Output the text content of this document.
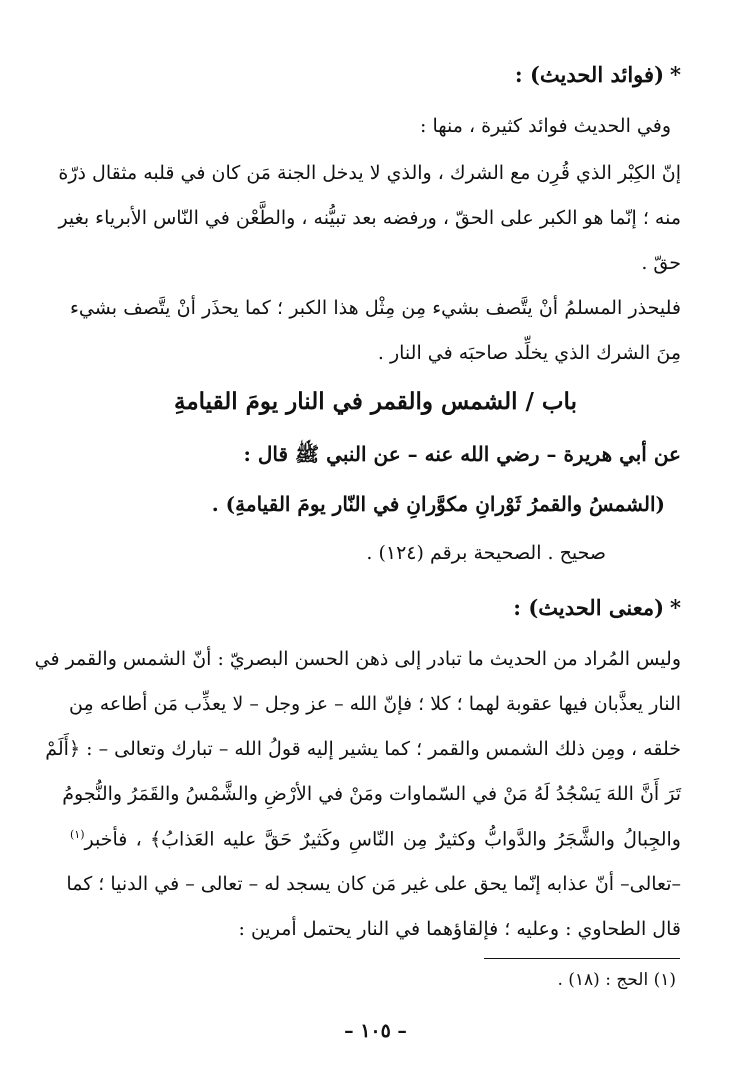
*(فوائد الحديث) :
وفي الحديث فوائد كثيرة ، منها :
إنّ الكِبْر الذي قُرِن مع الشرك ، والذي لا يدخل الجنة مَن كان في قلبه مثقال ذرّة
منه ؛ إنّما هو الكبر على الحقّ ، ورفضه بعد تبيُّنه ، والطَّعْن في النّاس الأبرياء بغير
حقّ .
فليحذر المسلمُ أنْ يتَّصف بشيء مِن مِثْل هذا الكبر ؛ كما يحذَر أنْ يتَّصف بشيء
مِنَ الشرك الذي يخلِّد صاحبَه في النار .
باب / الشمس والقمر في النار يومَ القيامةِ
عن أبي هريرة – رضي الله عنه – عن النبي ﷺ قال :
(الشمسُ والقمرُ ثَوْرانِ مكوَّرانِ في النّار يومَ القيامةِ) .
صحيح . الصحيحة برقم (١٢٤) .
*(معنى الحديث) :
وليس المُراد من الحديث ما تبادر إلى ذهن الحسن البصريّ : أنّ الشمس والقمر في
النار يعذَّبان فيها عقوبة لهما ؛ كلا ؛ فإنّ الله – عز وجل – لا يعذِّب مَن أطاعه مِن
خلقه ، ومِن ذلك الشمس والقمر ؛ كما يشير إليه قولُ الله – تبارك وتعالى – : ﴿أَلَمْ
تَرَ أَنَّ اللهَ يَسْجُدُ لَهُ مَنْ في السّماوات ومَنْ في الأرْضِ والشَّمْسُ والقَمَرُ والنُّجومُ
والجِبالُ والشَّجَرُ والدَّوابُّ وكثيرٌ مِن النّاسِ وكَثيرٌ حَقَّ عليه العَذابُ﴾ ، فأخبر$^{(١)}$
–تعالى– أنّ عذابه إنّما يحق على غير مَن كان يسجد له – تعالى – في الدنيا ؛ كما
قال الطحاوي : وعليه ؛ فإلقاؤهما في النار يحتمل أمرين :
(١) الحج : (١٨) .
– ١٠٥ –
